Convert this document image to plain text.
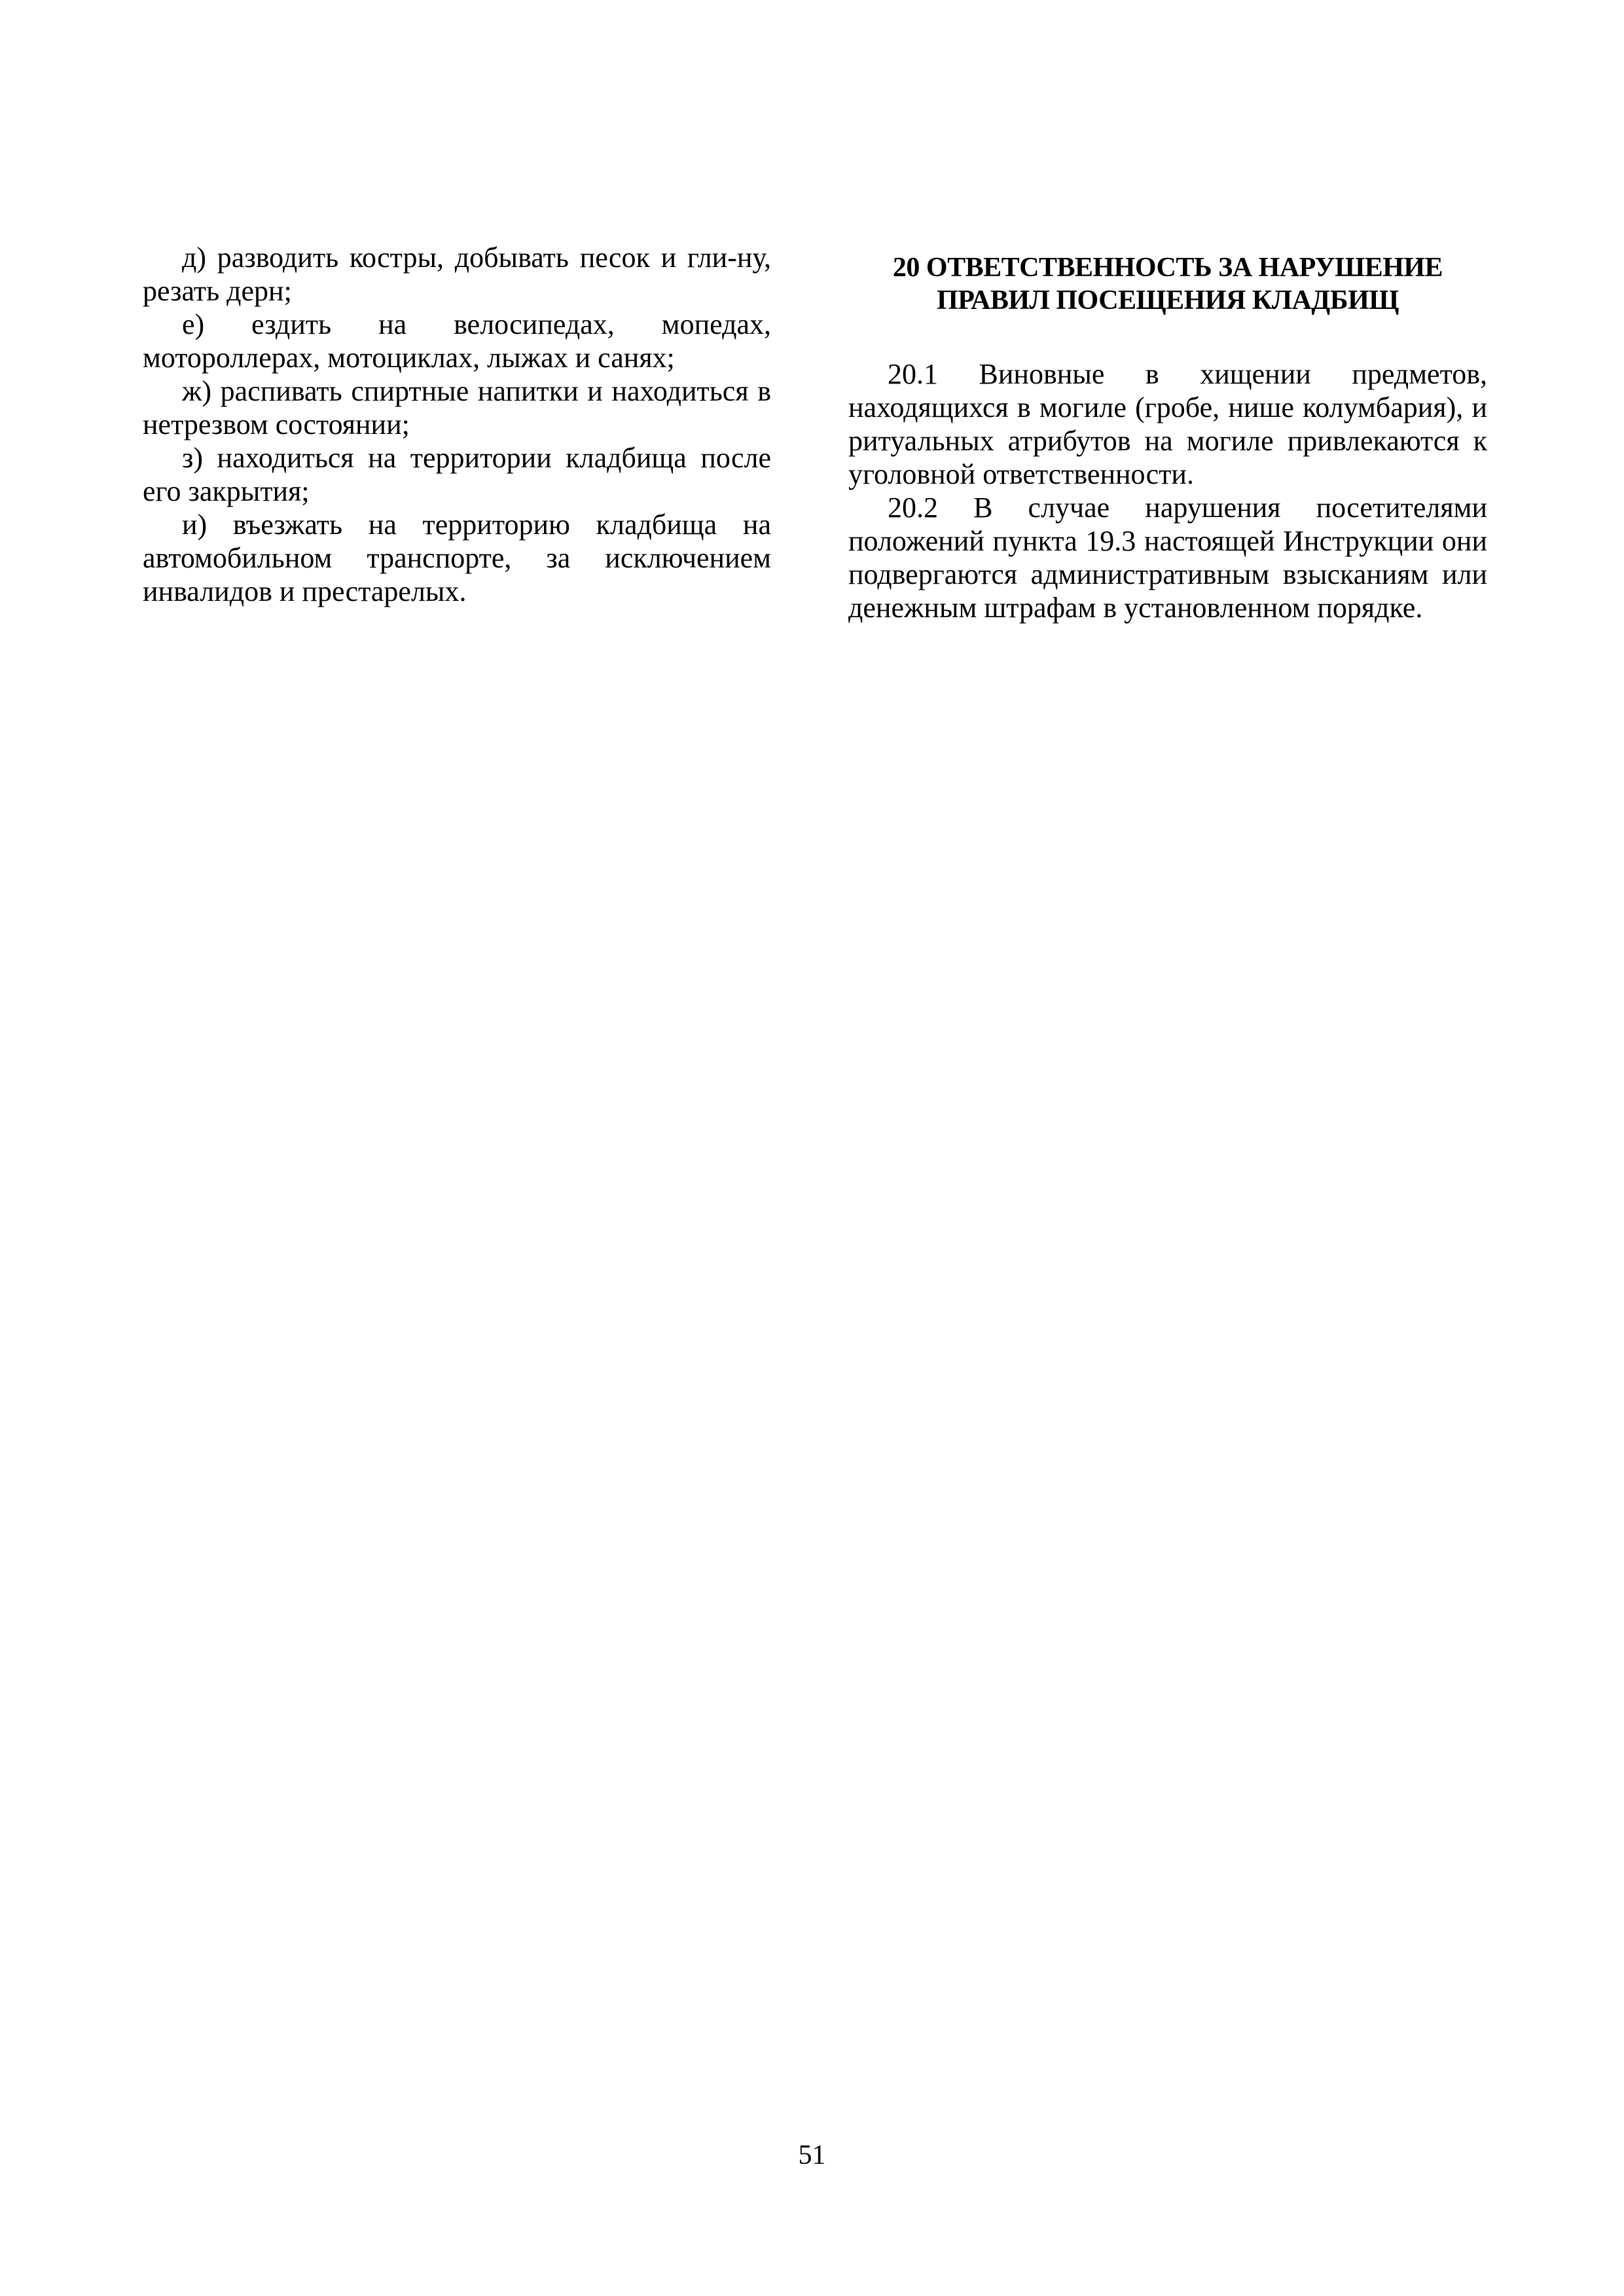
д) разводить костры, добывать песок и гли-ну, резать дерн;

е) ездить на велосипедах, мопедах, мотороллерах, мотоциклах, лыжах и санях;

ж) распивать спиртные напитки и находиться в нетрезвом состоянии;

з) находиться на территории кладбища после его закрытия;

и) въезжать на территорию кладбища на автомобильном транспорте, за исключением инвалидов и престарелых.

20 ОТВЕТСТВЕННОСТЬ ЗА НАРУШЕНИЕ
ПРАВИЛ ПОСЕЩЕНИЯ КЛАДБИЩ

20.1 Виновные в хищении предметов, находящихся в могиле (гробе, нише колумбария), и ритуальных атрибутов на могиле привлекаются к уголовной ответственности.

20.2 В случае нарушения посетителями положений пункта 19.3 настоящей Инструкции они подвергаются административным взысканиям или денежным штрафам в установленном порядке.

51
